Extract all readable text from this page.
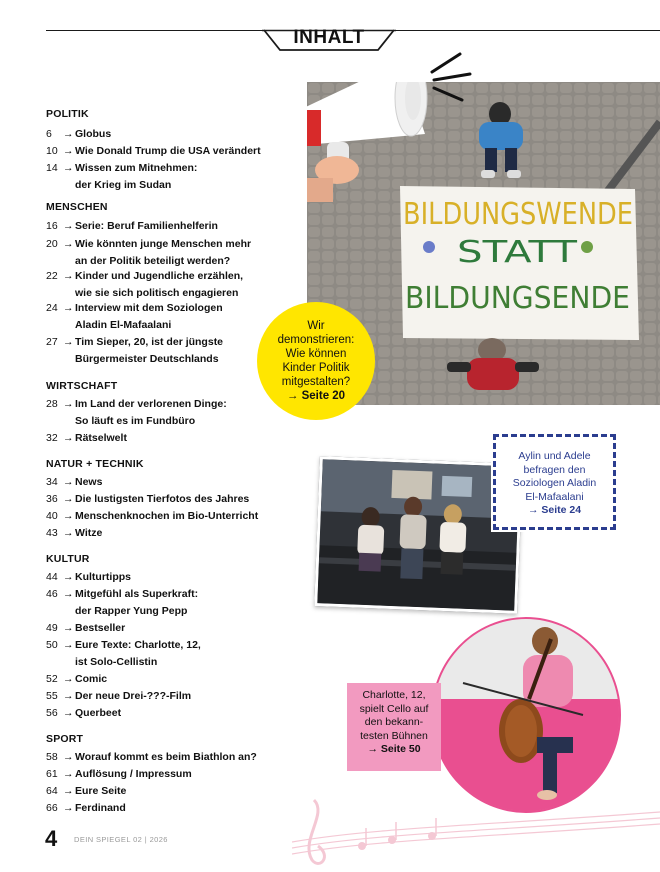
INHALT
POLITIK
6 → Globus
10 → Wie Donald Trump die USA verändert
14 → Wissen zum Mitnehmen:
der Krieg im Sudan
MENSCHEN
16 → Serie: Beruf Familienhelferin
20 → Wie könnten junge Menschen mehr
an der Politik beteiligt werden?
22 → Kinder und Jugendliche erzählen,
wie sie sich politisch engagieren
24 → Interview mit dem Soziologen
Aladin El-Mafaalani
27 → Tim Sieper, 20, ist der jüngste
Bürgermeister Deutschlands
WIRTSCHAFT
28 → Im Land der verlorenen Dinge:
So läuft es im Fundbüro
32 → Rätselwelt
NATUR + TECHNIK
34 → News
36 → Die lustigsten Tierfotos des Jahres
40 → Menschenknochen im Bio-Unterricht
43 → Witze
KULTUR
44 → Kulturtipps
46 → Mitgefühl als Superkraft:
der Rapper Yung Pepp
49 → Bestseller
50 → Eure Texte: Charlotte, 12,
ist Solo-Cellistin
52 → Comic
55 → Der neue Drei-???-Film
56 → Querbeet
SPORT
58 → Worauf kommt es beim Biathlon an?
61 → Auflösung / Impressum
64 → Eure Seite
66 → Ferdinand
BILDUNGSWENDE
STATT
BILDUNGSENDE
Wir
demonstrieren:
Wie können
Kinder Politik
mitgestalten?
→ Seite 20
Aylin und Adele
befragen den
Soziologen Aladin
El-Mafaalani
→ Seite 24
Charlotte, 12,
spielt Cello auf
den bekann-
testen Bühnen
→ Seite 50
4 DEIN SPIEGEL 02 | 2026
